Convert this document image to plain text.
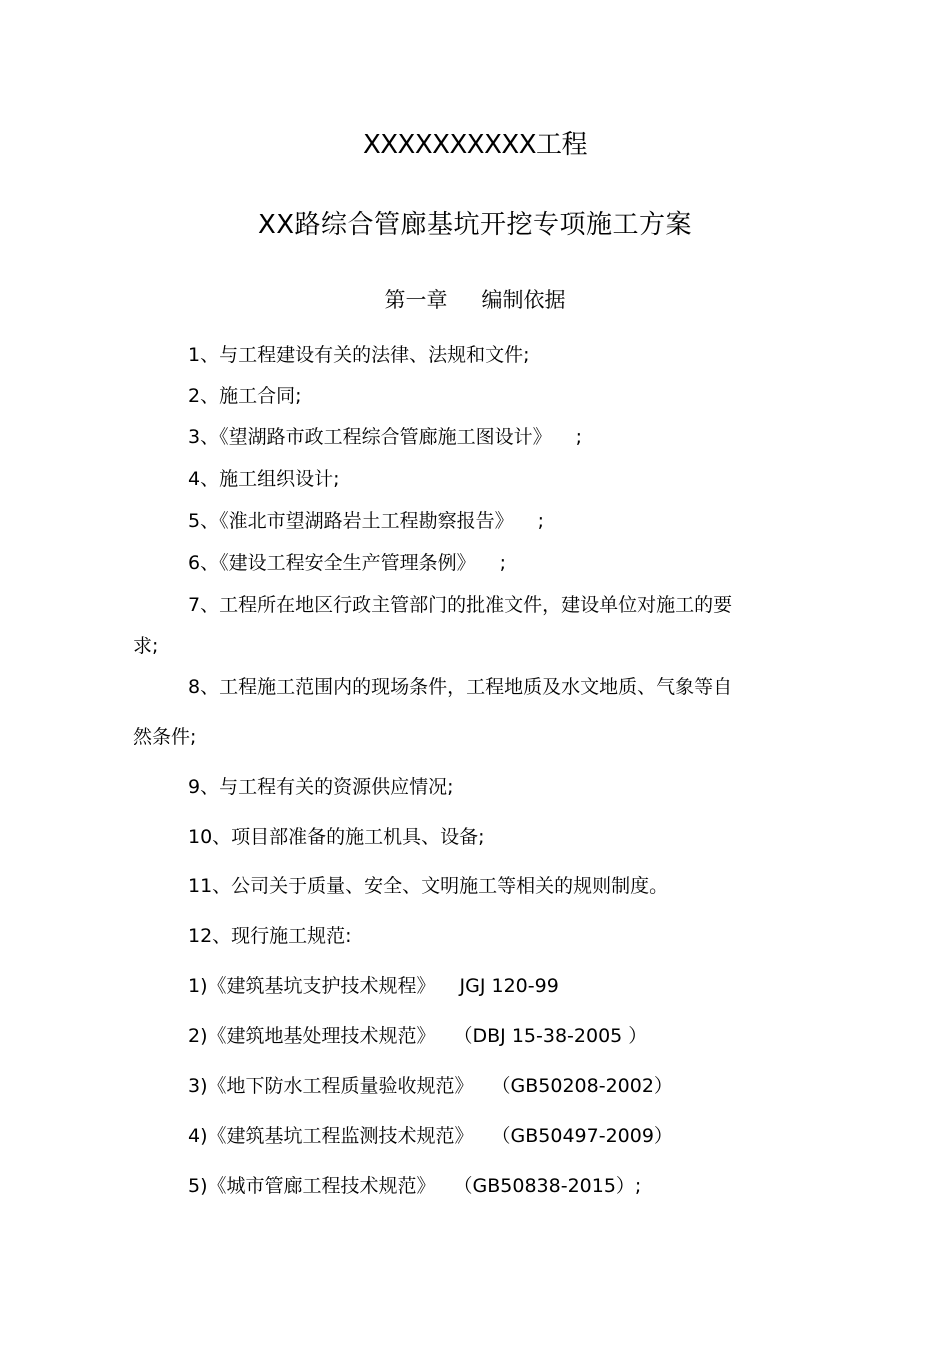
XXXXXXXXXX工程
XX路综合管廊基坑开挖专项施工方案
第一章 编制依据
1、与工程建设有关的法律、法规和文件;
2、施工合同;
3、《望湖路市政工程综合管廊施工图设计》 ;
4、施工组织设计;
5、《淮北市望湖路岩土工程勘察报告》 ;
6、《建设工程安全生产管理条例》 ;
7、工程所在地区行政主管部门的批准文件，建设单位对施工的要
求;
8、工程施工范围内的现场条件，工程地质及水文地质、气象等自
然条件;
9、与工程有关的资源供应情况;
10、项目部准备的施工机具、设备;
11、公司关于质量、安全、文明施工等相关的规则制度。
12、现行施工规范:
1)《建筑基坑支护技术规程》 JGJ 120-99
2)《建筑地基处理技术规范》 （DBJ 15-38-2005 ）
3)《地下防水工程质量验收规范》 （GB50208-2002）
4)《建筑基坑工程监测技术规范》 （GB50497-2009）
5)《城市管廊工程技术规范》 （GB50838-2015）;
